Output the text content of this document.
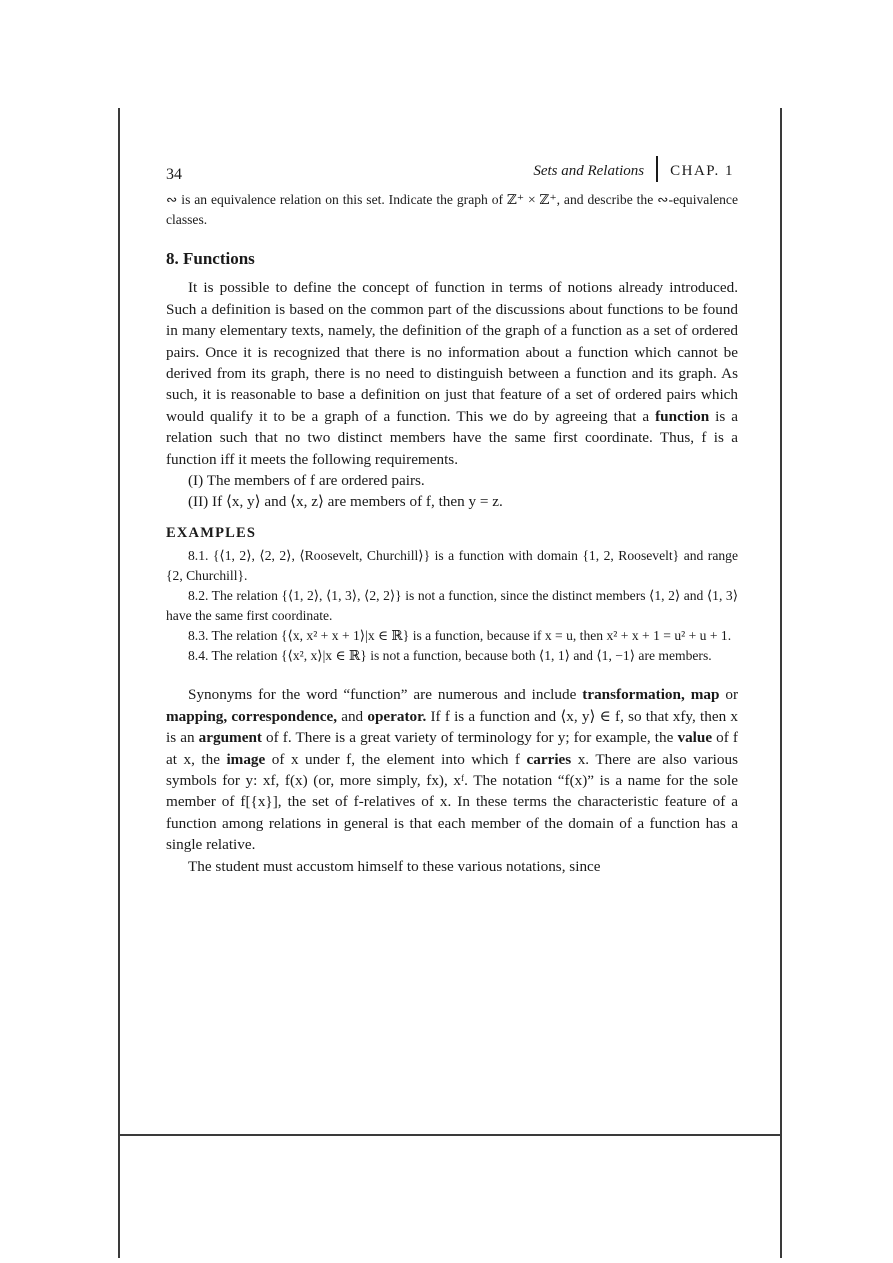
34	Sets and Relations CHAP. 1

∾ is an equivalence relation on this set. Indicate the graph of ℤ⁺ × ℤ⁺, and describe the ∾-equivalence classes.

8. Functions

It is possible to define the concept of function in terms of notions already introduced. Such a definition is based on the common part of the discussions about functions to be found in many elementary texts, namely, the definition of the graph of a function as a set of ordered pairs. Once it is recognized that there is no information about a function which cannot be derived from its graph, there is no need to distinguish between a function and its graph. As such, it is reasonable to base a definition on just that feature of a set of ordered pairs which would qualify it to be a graph of a function. This we do by agreeing that a function is a relation such that no two distinct members have the same first coordinate. Thus, f is a function iff it meets the following requirements.

(I) The members of f are ordered pairs.

(II) If ⟨x, y⟩ and ⟨x, z⟩ are members of f, then y = z.

EXAMPLES

8.1. {⟨1, 2⟩, ⟨2, 2⟩, ⟨Roosevelt, Churchill⟩} is a function with domain {1, 2, Roosevelt} and range {2, Churchill}.

8.2. The relation {⟨1, 2⟩, ⟨1, 3⟩, ⟨2, 2⟩} is not a function, since the distinct members ⟨1, 2⟩ and ⟨1, 3⟩ have the same first coordinate.

8.3. The relation {⟨x, x² + x + 1⟩|x ∈ ℝ} is a function, because if x = u, then x² + x + 1 = u² + u + 1.

8.4. The relation {⟨x², x⟩|x ∈ ℝ} is not a function, because both ⟨1, 1⟩ and ⟨1, −1⟩ are members.

Synonyms for the word “function” are numerous and include transformation, map or mapping, correspondence, and operator. If f is a function and ⟨x, y⟩ ∈ f, so that xfy, then x is an argument of f. There is a great variety of terminology for y; for example, the value of f at x, the image of x under f, the element into which f carries x. There are also various symbols for y: xf, f(x) (or, more simply, fx), xᶠ. The notation “f(x)” is a name for the sole member of f[{x}], the set of f-relatives of x. In these terms the characteristic feature of a function among relations in general is that each member of the domain of a function has a single relative.

The student must accustom himself to these various notations, since
